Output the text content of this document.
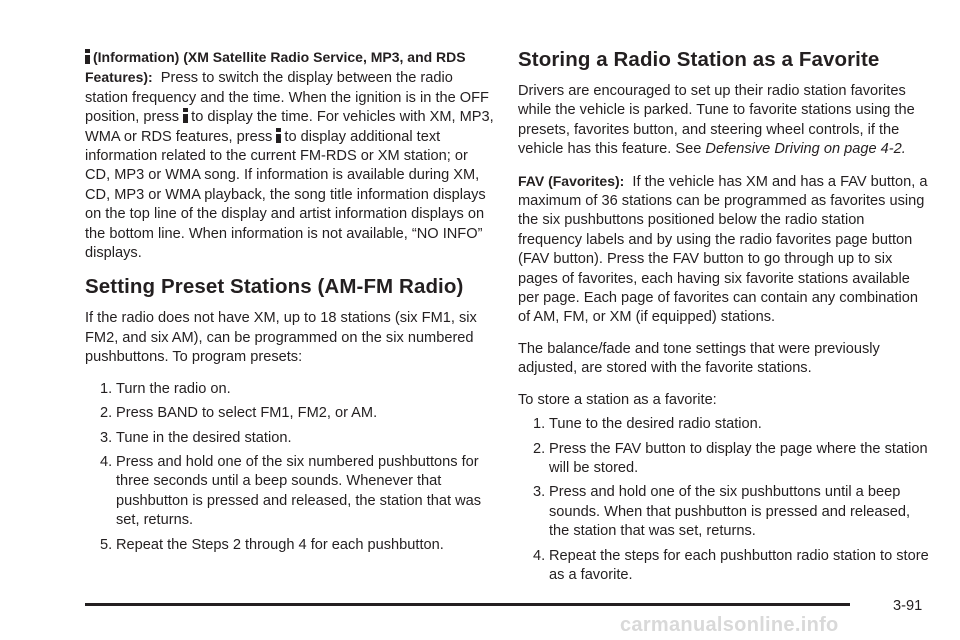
(Information) (XM Satellite Radio Service, MP3, and RDS Features): Press to switch the display between the radio station frequency and the time. When the ignition is in the OFF position, press to display the time. For vehicles with XM, MP3, WMA or RDS features, press to display additional text information related to the current FM-RDS or XM station; or CD, MP3 or WMA song. If information is available during XM, CD, MP3 or WMA playback, the song title information displays on the top line of the display and artist information displays on the bottom line. When information is not available, “NO INFO” displays.

Setting Preset Stations (AM-FM Radio)

If the radio does not have XM, up to 18 stations (six FM1, six FM2, and six AM), can be programmed on the six numbered pushbuttons. To program presets:

1. Turn the radio on.
2. Press BAND to select FM1, FM2, or AM.
3. Tune in the desired station.
4. Press and hold one of the six numbered pushbuttons for three seconds until a beep sounds. Whenever that pushbutton is pressed and released, the station that was set, returns.
5. Repeat the Steps 2 through 4 for each pushbutton.
Storing a Radio Station as a Favorite

Drivers are encouraged to set up their radio station favorites while the vehicle is parked. Tune to favorite stations using the presets, favorites button, and steering wheel controls, if the vehicle has this feature. See Defensive Driving on page 4-2.

FAV (Favorites): If the vehicle has XM and has a FAV button, a maximum of 36 stations can be programmed as favorites using the six pushbuttons positioned below the radio station frequency labels and by using the radio favorites page button (FAV button). Press the FAV button to go through up to six pages of favorites, each having six favorite stations available per page. Each page of favorites can contain any combination of AM, FM, or XM (if equipped) stations.

The balance/fade and tone settings that were previously adjusted, are stored with the favorite stations.

To store a station as a favorite:

1. Tune to the desired radio station.
2. Press the FAV button to display the page where the station will be stored.
3. Press and hold one of the six pushbuttons until a beep sounds. When that pushbutton is pressed and released, the station that was set, returns.
4. Repeat the steps for each pushbutton radio station to store as a favorite.
3-91
carmanualsonline.info
